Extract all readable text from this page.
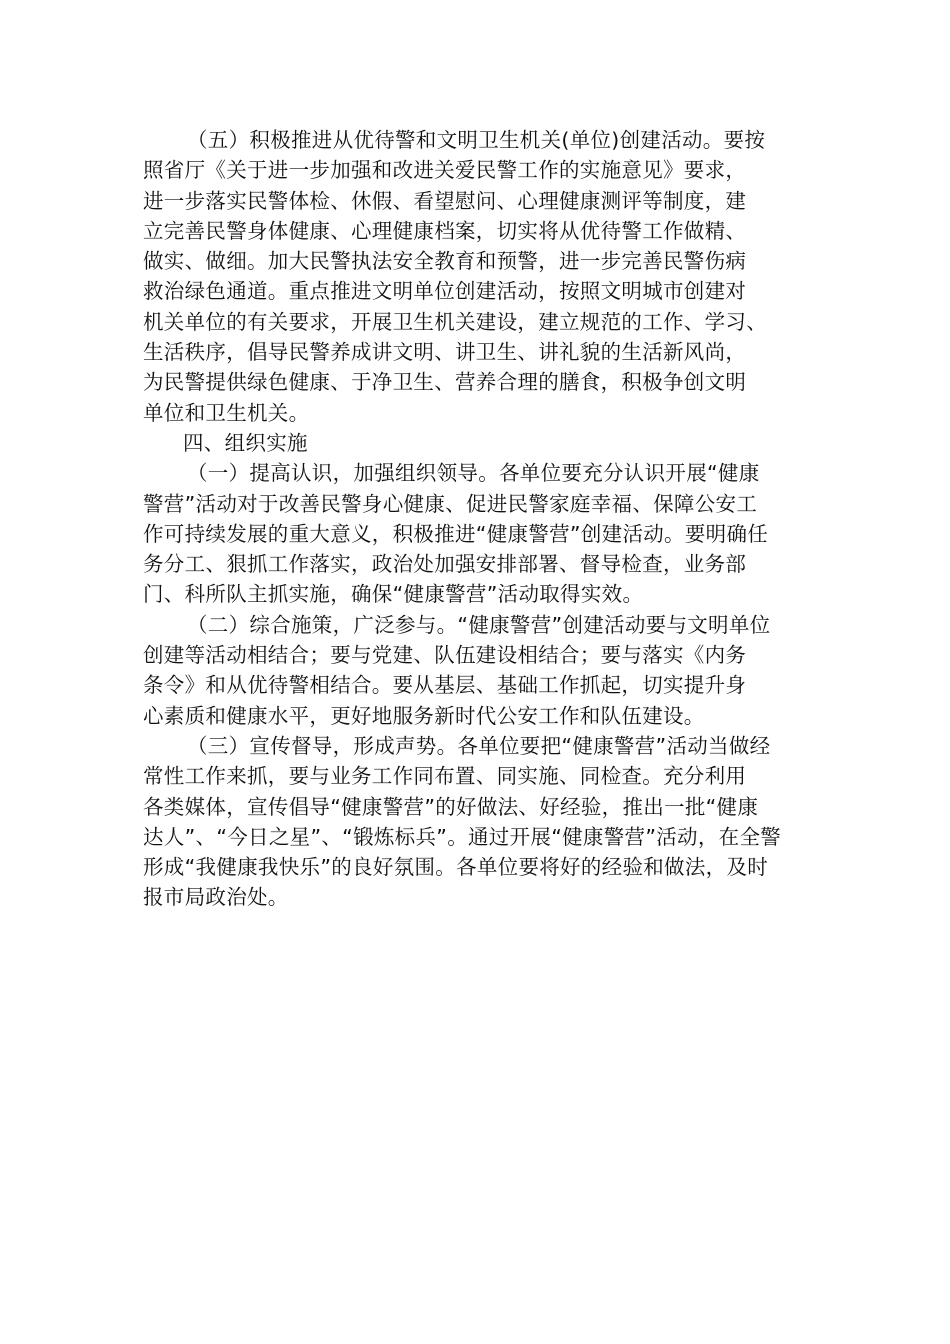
（五）积极推进从优待警和文明卫生机关(单位)创建活动。要按
照省厅《关于进一步加强和改进关爱民警工作的实施意见》要求，
进一步落实民警体检、休假、看望慰问、心理健康测评等制度，建
立完善民警身体健康、心理健康档案，切实将从优待警工作做精、
做实、做细。加大民警执法安全教育和预警，进一步完善民警伤病
救治绿色通道。重点推进文明单位创建活动，按照文明城市创建对
机关单位的有关要求，开展卫生机关建设，建立规范的工作、学习、
生活秩序，倡导民警养成讲文明、讲卫生、讲礼貌的生活新风尚，
为民警提供绿色健康、于净卫生、营养合理的膳食，积极争创文明
单位和卫生机关。
四、组织实施
（一）提高认识，加强组织领导。各单位要充分认识开展“健康
警营”活动对于改善民警身心健康、促进民警家庭幸福、保障公安工
作可持续发展的重大意义，积极推进“健康警营”创建活动。要明确任
务分工、狠抓工作落实，政治处加强安排部署、督导检查，业务部
门、科所队主抓实施，确保“健康警营”活动取得实效。
（二）综合施策，广泛参与。“健康警营”创建活动要与文明单位
创建等活动相结合；要与党建、队伍建设相结合；要与落实《内务
条令》和从优待警相结合。要从基层、基础工作抓起，切实提升身
心素质和健康水平，更好地服务新时代公安工作和队伍建设。
（三）宣传督导，形成声势。各单位要把“健康警营”活动当做经
常性工作来抓，要与业务工作同布置、同实施、同检查。充分利用
各类媒体，宣传倡导“健康警营”的好做法、好经验，推出一批“健康
达人”、“今日之星”、“锻炼标兵”。通过开展“健康警营”活动，在全警
形成“我健康我快乐”的良好氛围。各单位要将好的经验和做法，及时
报市局政治处。
